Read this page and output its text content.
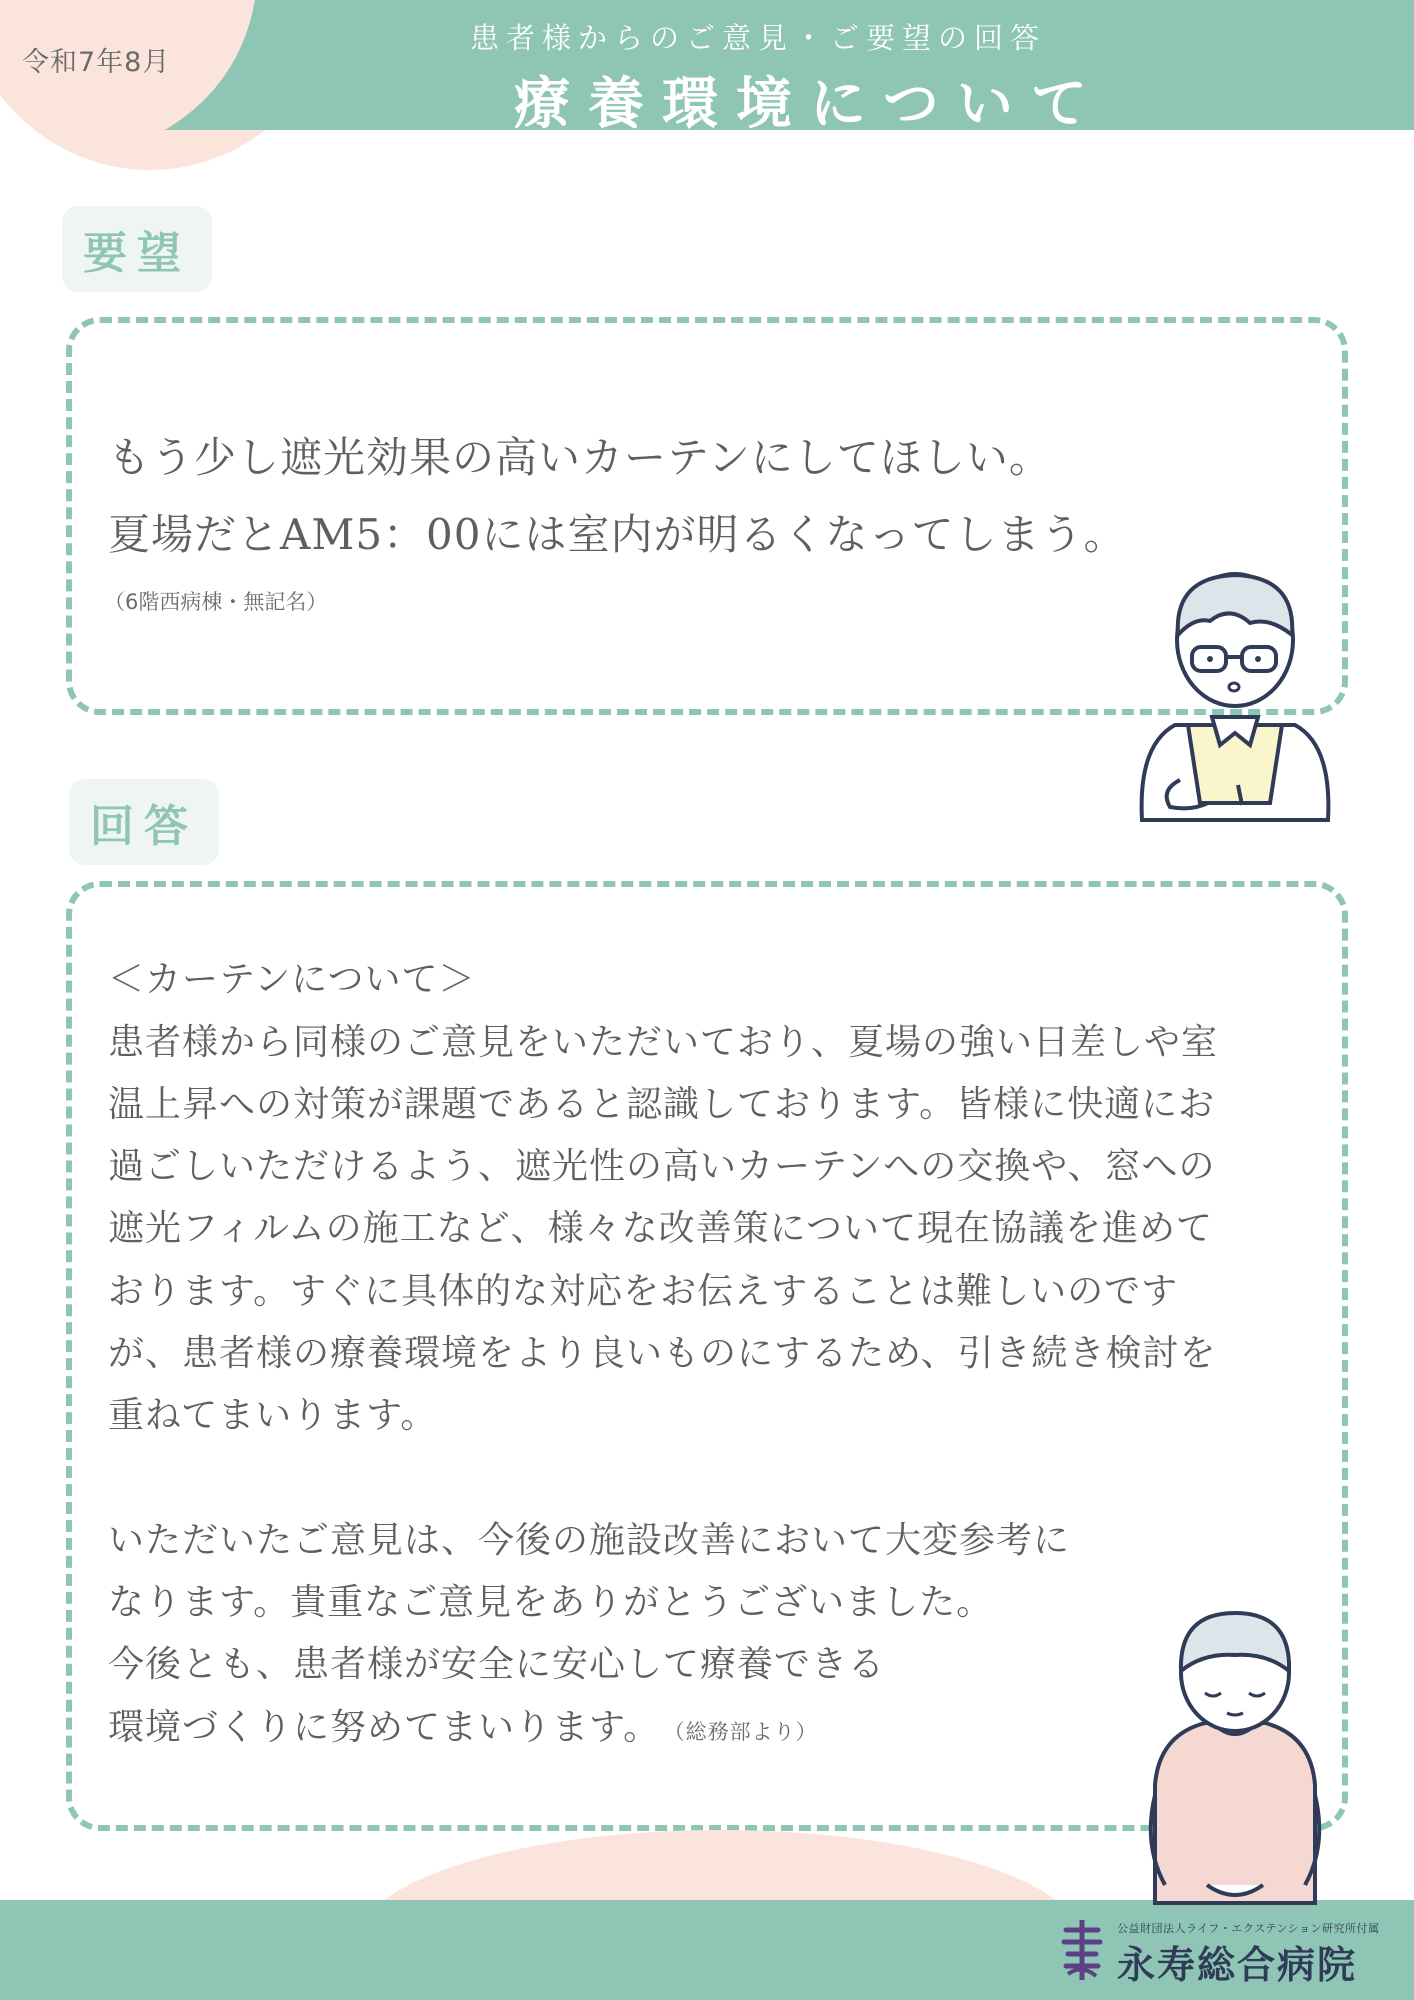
令和7年8月
患者様からのご意見・ご要望の回答
療養環境について
要望
もう少し遮光効果の高いカーテンにしてほしい。
夏場だとAM5：00には室内が明るくなってしまう。
（6階西病棟・無記名）
回答
＜カーテンについて＞
患者様から同様のご意見をいただいており、夏場の強い日差しや室
温上昇への対策が課題であると認識しております。皆様に快適にお
過ごしいただけるよう、遮光性の高いカーテンへの交換や、窓への
遮光フィルムの施工など、様々な改善策について現在協議を進めて
おります。すぐに具体的な対応をお伝えすることは難しいのです
が、患者様の療養環境をより良いものにするため、引き続き検討を
重ねてまいります。
いただいたご意見は、今後の施設改善において大変参考に
なります。貴重なご意見をありがとうございました。
今後とも、患者様が安全に安心して療養できる
環境づくりに努めてまいります。 （総務部より）
公益財団法人ライフ・エクステンション研究所付属
永寿総合病院
